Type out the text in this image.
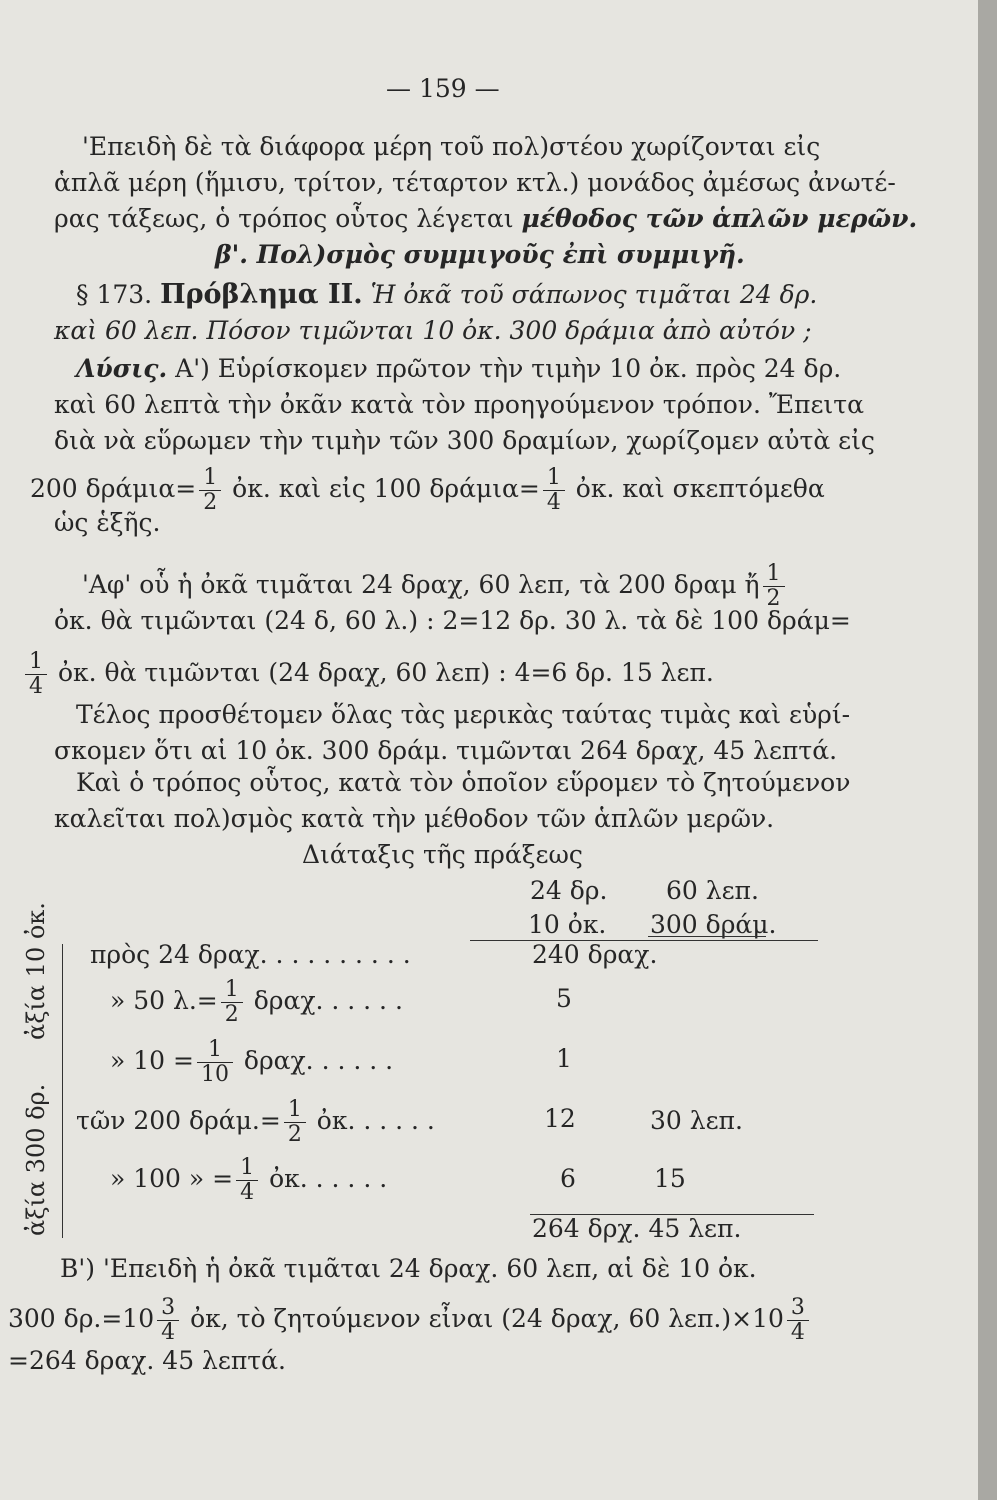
— 159 —
'Επειδὴ δὲ τὰ διάφορα μέρη τοῦ πολ)στέου χωρίζονται εἰς
ἁπλᾶ μέρη (ἥμισυ, τρίτον, τέταρτον κτλ.) μονάδος ἀμέσως ἀνωτέ-
ρας τάξεως, ὁ τρόπος οὗτος λέγεται μέθοδος τῶν ἁπλῶν μερῶν.
β'. Πολ)σμὸς συμμιγοῦς ἐπὶ συμμιγῆ.
§ 173. Πρόβλημα II. Ἡ ὀκᾶ τοῦ σάπωνος τιμᾶται 24 δρ.
καὶ 60 λεπ. Πόσον τιμῶνται 10 ὀκ. 300 δράμια ἀπὸ αὐτόν ;
Λύσις. Α') Εὑρίσκομεν πρῶτον τὴν τιμὴν 10 ὀκ. πρὸς 24 δρ.
καὶ 60 λεπτὰ τὴν ὀκᾶν κατὰ τὸν προηγούμενον τρόπον. Ἔπειτα
διὰ νὰ εὕρωμεν τὴν τιμὴν τῶν 300 δραμίων, χωρίζομεν αὐτὰ εἰς
200 $\delta\rho ά\mu\iota\alpha= \frac{1}{2}$ ὀκ. καὶ εἰς 100 $\delta\rho ά\mu\iota\alpha= \frac{1}{4}$ ὀκ. καὶ σκεπτόμεθα
ὡς ἑξῆς.
'Αφ' οὗ ἡ ὀκᾶ τιμᾶται 24 δραχ, 60 λεπ, τὰ 200 δραμ ἤ $\frac{1}{2}$
ὀκ. θὰ τιμῶνται (24 δ, 60 λ.) : 2=12 δρ. 30 λ. τὰ δὲ 100 δράμ=
$\frac{1}{4}$ ὀκ. θὰ τιμῶνται (24 δραχ, 60 λεπ) : 4=6 δρ. 15 λεπ.
Τέλος προσθέτομεν ὅλας τὰς μερικὰς ταύτας τιμὰς καὶ εὑρί-
σκομεν ὅτι αἱ 10 ὀκ. 300 δράμ. τιμῶνται 264 δραχ, 45 λεπτά.
Καὶ ὁ τρόπος οὗτος, κατὰ τὸν ὁποῖον εὕρομεν τὸ ζητούμενον
καλεῖται πολ)σμὸς κατὰ τὴν μέθοδον τῶν ἁπλῶν μερῶν.
Διάταξις τῆς πράξεως
24 δρ. 60 λεπ.
10 ὀκ. 300 δράμ.
ἀξία 10 ὀκ.
ἀξία 300 δρ.
πρὸς 24 δραχ. . . . . . . . . .	240 δραχ.
» 50 $\lambda.= \frac{1}{2} \delta\rho\alpha\chi$. . . . . .	5
» $10 = \frac{1}{10} \delta\rho\alpha\chi$. . . . . .	1
τῶν 200 $\delta\rho ά\mu.= \frac{1}{2}$ ὀκ. . . . . .	12	30 λεπ.
» 100 » = $\frac{1}{4}$ ὀκ. . . . . .	6	15
264 δρχ. 45 λεπ.
Β') 'Επειδὴ ἡ ὀκᾶ τιμᾶται 24 δραχ. 60 λεπ, αἱ δὲ 10 ὀκ.
300 $\delta\rho.=10 \frac{3}{4}$ ὀκ, τὸ ζητούμενον εἶναι (24 δραχ, 60 $\lambda\varepsilon\pi.)\times 10 \frac{3}{4}$
=264 δραχ. 45 λεπτά.
